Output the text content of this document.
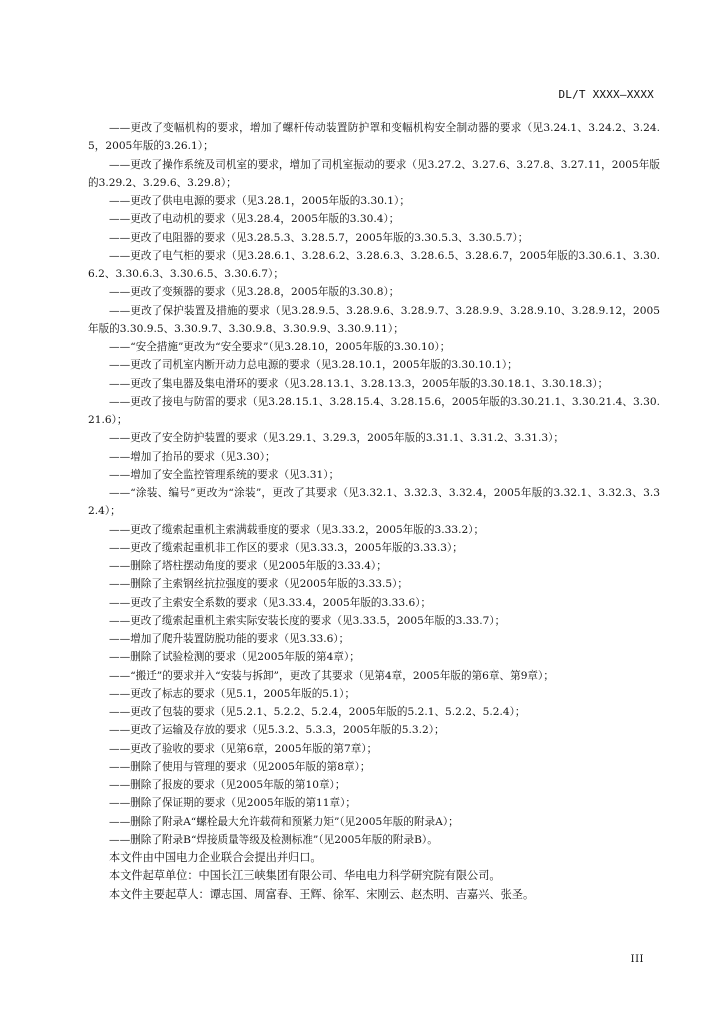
DL/T XXXX—XXXX

——更改了变幅机构的要求，增加了螺杆传动装置防护罩和变幅机构安全制动器的要求（见3.24.1、3.24.2、3.24.5，2005年版的3.26.1）；

——更改了操作系统及司机室的要求，增加了司机室振动的要求（见3.27.2、3.27.6、3.27.8、3.27.11，2005年版的3.29.2、3.29.6、3.29.8）；

——更改了供电电源的要求（见3.28.1，2005年版的3.30.1）；

——更改了电动机的要求（见3.28.4，2005年版的3.30.4）；

——更改了电阻器的要求（见3.28.5.3、3.28.5.7，2005年版的3.30.5.3、3.30.5.7）；

——更改了电气柜的要求（见3.28.6.1、3.28.6.2、3.28.6.3、3.28.6.5、3.28.6.7，2005年版的3.30.6.1、3.30.6.2、3.30.6.3、3.30.6.5、3.30.6.7）；

——更改了变频器的要求（见3.28.8，2005年版的3.30.8）；

——更改了保护装置及措施的要求（见3.28.9.5、3.28.9.6、3.28.9.7、3.28.9.9、3.28.9.10、3.28.9.12，2005年版的3.30.9.5、3.30.9.7、3.30.9.8、3.30.9.9、3.30.9.11）；

——“安全措施”更改为“安全要求”（见3.28.10，2005年版的3.30.10）；

——更改了司机室内断开动力总电源的要求（见3.28.10.1，2005年版的3.30.10.1）；

——更改了集电器及集电滑环的要求（见3.28.13.1、3.28.13.3，2005年版的3.30.18.1、3.30.18.3）；

——更改了接电与防雷的要求（见3.28.15.1、3.28.15.4、3.28.15.6，2005年版的3.30.21.1、3.30.21.4、3.30.21.6）；

——更改了安全防护装置的要求（见3.29.1、3.29.3，2005年版的3.31.1、3.31.2、3.31.3）；

——增加了抬吊的要求（见3.30）；

——增加了安全监控管理系统的要求（见3.31）；

——“涂装、编号”更改为“涂装”，更改了其要求（见3.32.1、3.32.3、3.32.4，2005年版的3.32.1、3.32.3、3.32.4）；

——更改了缆索起重机主索满载垂度的要求（见3.33.2，2005年版的3.33.2）；

——更改了缆索起重机非工作区的要求（见3.33.3，2005年版的3.33.3）；

——删除了塔柱摆动角度的要求（见2005年版的3.33.4）；

——删除了主索钢丝抗拉强度的要求（见2005年版的3.33.5）；

——更改了主索安全系数的要求（见3.33.4，2005年版的3.33.6）；

——更改了缆索起重机主索实际安装长度的要求（见3.33.5，2005年版的3.33.7）；

——增加了爬升装置防脱功能的要求（见3.33.6）；

——删除了试验检测的要求（见2005年版的第4章）；

——“搬迁”的要求并入“安装与拆卸”，更改了其要求（见第4章，2005年版的第6章、第9章）；

——更改了标志的要求（见5.1，2005年版的5.1）；

——更改了包装的要求（见5.2.1、5.2.2、5.2.4，2005年版的5.2.1、5.2.2、5.2.4）；

——更改了运输及存放的要求（见5.3.2、5.3.3，2005年版的5.3.2）；

——更改了验收的要求（见第6章，2005年版的第7章）；

——删除了使用与管理的要求（见2005年版的第8章）；

——删除了报废的要求（见2005年版的第10章）；

——删除了保证期的要求（见2005年版的第11章）；

——删除了附录A“螺栓最大允许载荷和预紧力矩”（见2005年版的附录A）；

——删除了附录B“焊接质量等级及检测标准”（见2005年版的附录B）。

本文件由中国电力企业联合会提出并归口。

本文件起草单位：中国长江三峡集团有限公司、华电电力科学研究院有限公司。

本文件主要起草人：谭志国、周富春、王辉、徐军、宋刚云、赵杰明、吉嘉兴、张圣。

III
